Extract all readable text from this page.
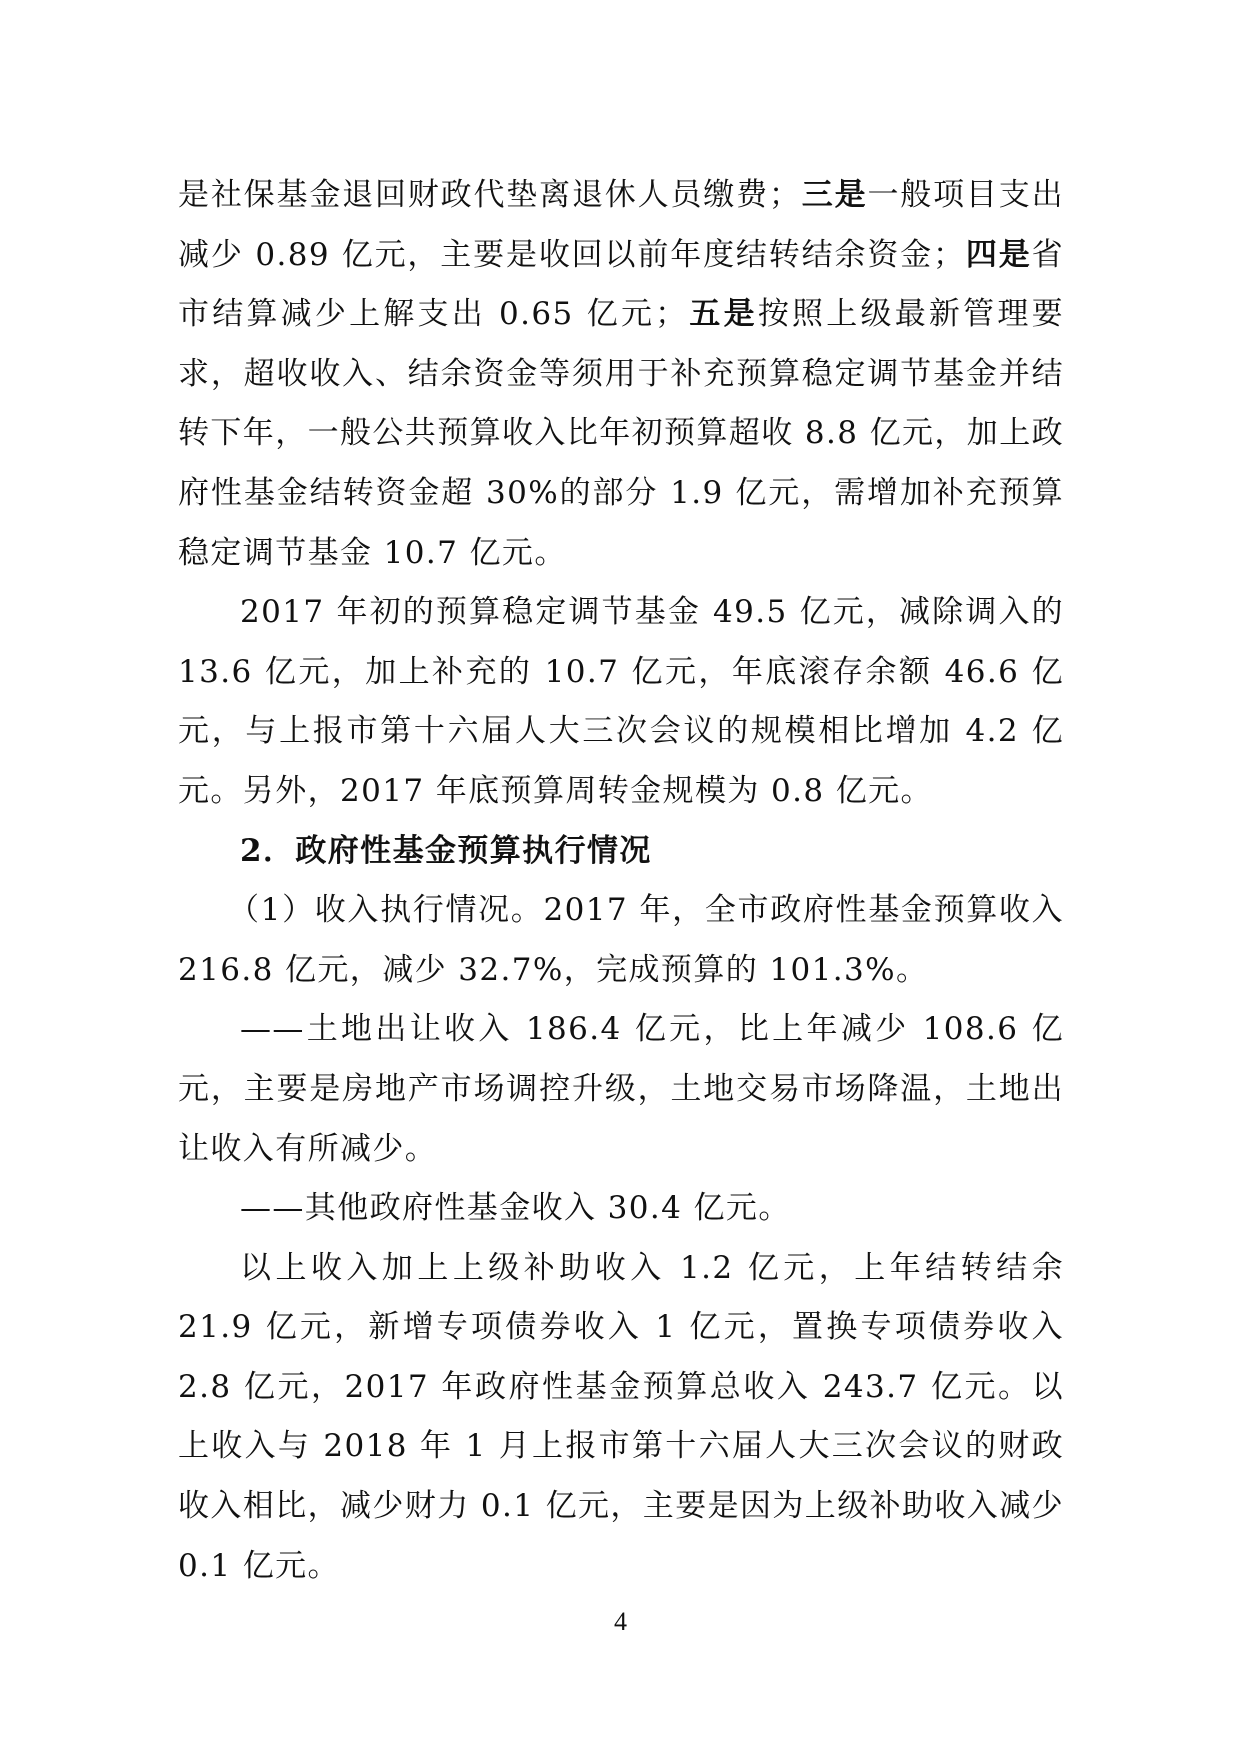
是社保基金退回财政代垫离退休人员缴费；三是一般项目支出减少 0.89 亿元，主要是收回以前年度结转结余资金；四是省市结算减少上解支出 0.65 亿元；五是按照上级最新管理要求，超收收入、结余资金等须用于补充预算稳定调节基金并结转下年，一般公共预算收入比年初预算超收 8.8 亿元，加上政府性基金结转资金超 30%的部分 1.9 亿元，需增加补充预算稳定调节基金 10.7 亿元。

2017 年初的预算稳定调节基金 49.5 亿元，减除调入的 13.6 亿元，加上补充的 10.7 亿元，年底滚存余额 46.6 亿元，与上报市第十六届人大三次会议的规模相比增加 4.2 亿元。另外，2017 年底预算周转金规模为 0.8 亿元。

2．政府性基金预算执行情况

（1）收入执行情况。2017 年，全市政府性基金预算收入 216.8 亿元，减少 32.7%，完成预算的 101.3%。

——土地出让收入 186.4 亿元，比上年减少 108.6 亿元，主要是房地产市场调控升级，土地交易市场降温，土地出让收入有所减少。

——其他政府性基金收入 30.4 亿元。

以上收入加上上级补助收入 1.2 亿元，上年结转结余 21.9 亿元，新增专项债券收入 1 亿元，置换专项债券收入 2.8 亿元，2017 年政府性基金预算总收入 243.7 亿元。以上收入与 2018 年 1 月上报市第十六届人大三次会议的财政收入相比，减少财力 0.1 亿元，主要是因为上级补助收入减少 0.1 亿元。

4
